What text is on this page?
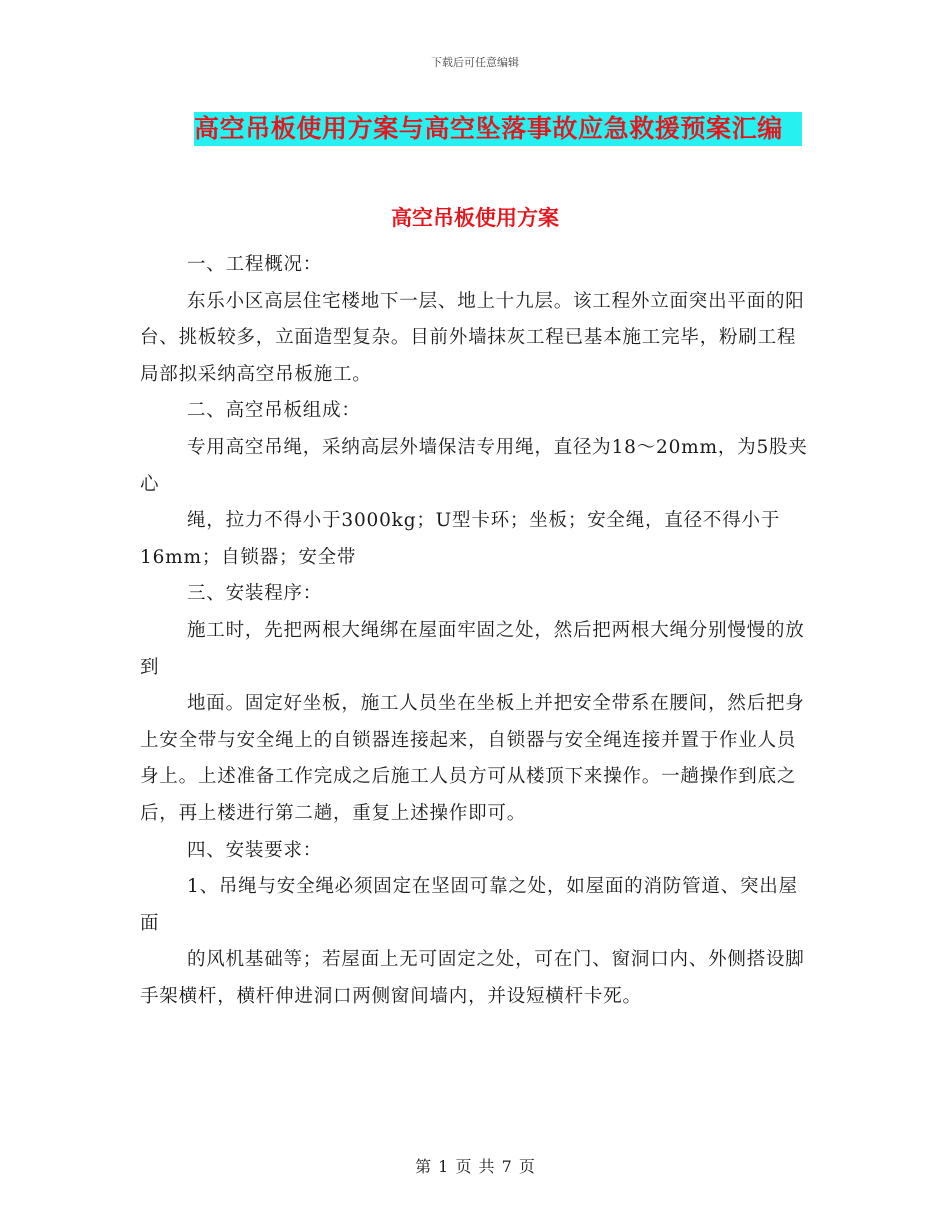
下载后可任意编辑
高空吊板使用方案与高空坠落事故应急救援预案汇编
高空吊板使用方案

一、工程概况：

东乐小区高层住宅楼地下一层、地上十九层。该工程外立面突出平面的阳台、挑板较多，立面造型复杂。目前外墙抹灰工程已基本施工完毕，粉刷工程局部拟采纳高空吊板施工。

二、高空吊板组成：

专用高空吊绳，采纳高层外墙保洁专用绳，直径为18～20mm，为5股夹心

绳，拉力不得小于3000kg；U型卡环；坐板；安全绳，直径不得小于16mm；自锁器；安全带

三、安装程序：

施工时，先把两根大绳绑在屋面牢固之处，然后把两根大绳分别慢慢的放到

地面。固定好坐板，施工人员坐在坐板上并把安全带系在腰间，然后把身上安全带与安全绳上的自锁器连接起来，自锁器与安全绳连接并置于作业人员身上。上述准备工作完成之后施工人员方可从楼顶下来操作。一趟操作到底之后，再上楼进行第二趟，重复上述操作即可。

四、安装要求：

1、吊绳与安全绳必须固定在坚固可靠之处，如屋面的消防管道、突出屋面

的风机基础等；若屋面上无可固定之处，可在门、窗洞口内、外侧搭设脚手架横杆，横杆伸进洞口两侧窗间墙内，并设短横杆卡死。

第 1 页 共 7 页
